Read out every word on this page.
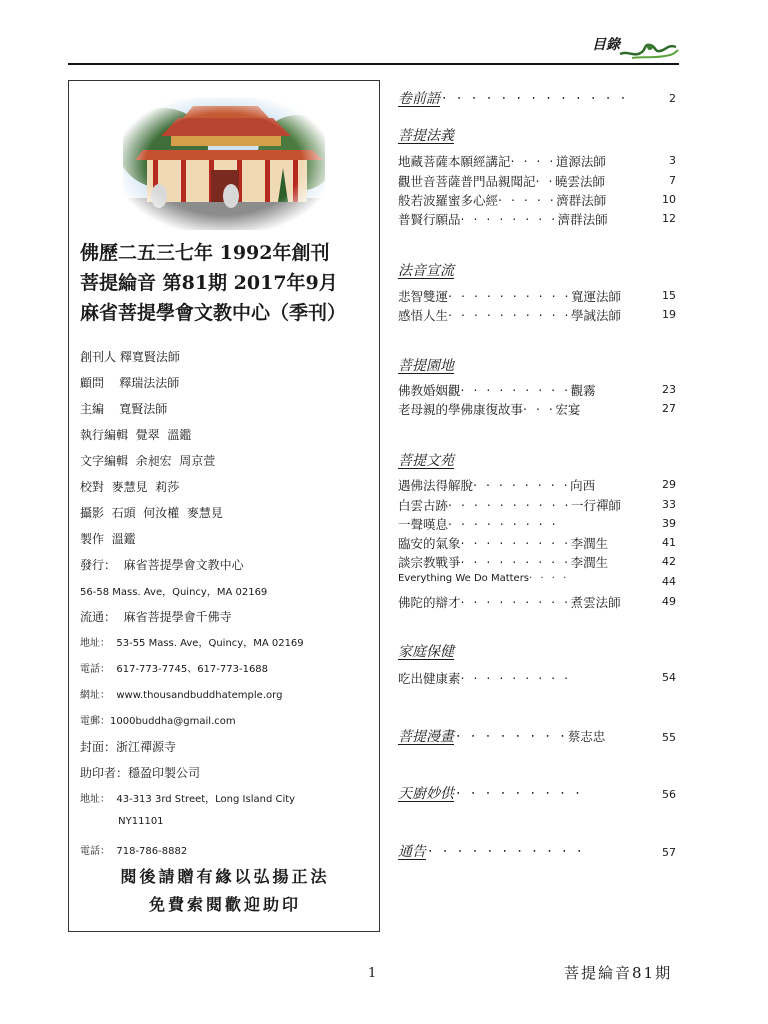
目錄
佛歷二五三七年 1992年創刊
菩提綸音 第81期 2017年9月
麻省菩提學會文教中心（季刊）
創刊人 釋寬賢法師
顧問    釋瑞法法師
主編    寬賢法師
執行編輯  覺翠  溫鑑
文字編輯  余昶宏  周京萱
校對  麥慧見  莉莎
攝影  石頭  何汝權  麥慧見
製作  溫鑑
發行：  麻省菩提學會文教中心
56-58 Mass. Ave，Quincy，MA 02169
流通：  麻省菩提學會千佛寺
地址：  53-55 Mass. Ave，Quincy，MA 02169
電話：  617-773-7745、617-773-1688
網址：  www.thousandbuddhatemple.org
電郵：1000buddha@gmail.com
封面：浙江禪源寺
助印者：穩盈印製公司
地址：  43-313 3rd Street，Long Island City
NY11101
電話：  718-786-8882
閱後請贈有緣以弘揚正法
免費索閱歡迎助印
卷前語 ‧ ‧ ‧ ‧ ‧ ‧ ‧ ‧ ‧ ‧ ‧ ‧ ‧	2
菩提法義
地藏菩薩本願經講記‧ ‧ ‧ ‧道源法師	3
觀世音菩薩普門品親聞記‧ ‧曉雲法師	7
般若波羅蜜多心經‧ ‧ ‧ ‧ ‧濟群法師	10
普賢行願品‧ ‧ ‧ ‧ ‧ ‧ ‧ ‧濟群法師	12
法音宣流
悲智雙運‧ ‧ ‧ ‧ ‧ ‧ ‧ ‧ ‧ ‧寬運法師	15
感悟人生‧ ‧ ‧ ‧ ‧ ‧ ‧ ‧ ‧ ‧學誠法師	19
菩提園地
佛教婚姻觀‧ ‧ ‧ ‧ ‧ ‧ ‧ ‧ ‧觀霧	23
老母親的學佛康復故事‧ ‧ ‧宏宴	27
菩提文苑
遇佛法得解脫‧ ‧ ‧ ‧ ‧ ‧ ‧ ‧向西	29
白雲古跡‧ ‧ ‧ ‧ ‧ ‧ ‧ ‧ ‧ ‧一行禪師	33
一聲嘆息‧ ‧ ‧ ‧ ‧ ‧ ‧ ‧ ‧	39
臨安的氣象‧ ‧ ‧ ‧ ‧ ‧ ‧ ‧ ‧李潤生	41
談宗教戰爭‧ ‧ ‧ ‧ ‧ ‧ ‧ ‧ ‧李潤生	42
Everything We Do Matters‧ ‧ ‧ ‧	44
佛陀的辯才‧ ‧ ‧ ‧ ‧ ‧ ‧ ‧ ‧煮雲法師	49
家庭保健
吃出健康素‧ ‧ ‧ ‧ ‧ ‧ ‧ ‧ ‧	54
菩提漫畫 ‧ ‧ ‧ ‧ ‧ ‧ ‧ ‧蔡志忠	55
天廚妙供 ‧ ‧ ‧ ‧ ‧ ‧ ‧ ‧ ‧	56
通告 ‧ ‧ ‧ ‧ ‧ ‧ ‧ ‧ ‧ ‧ ‧	57
1	菩提綸音81期
